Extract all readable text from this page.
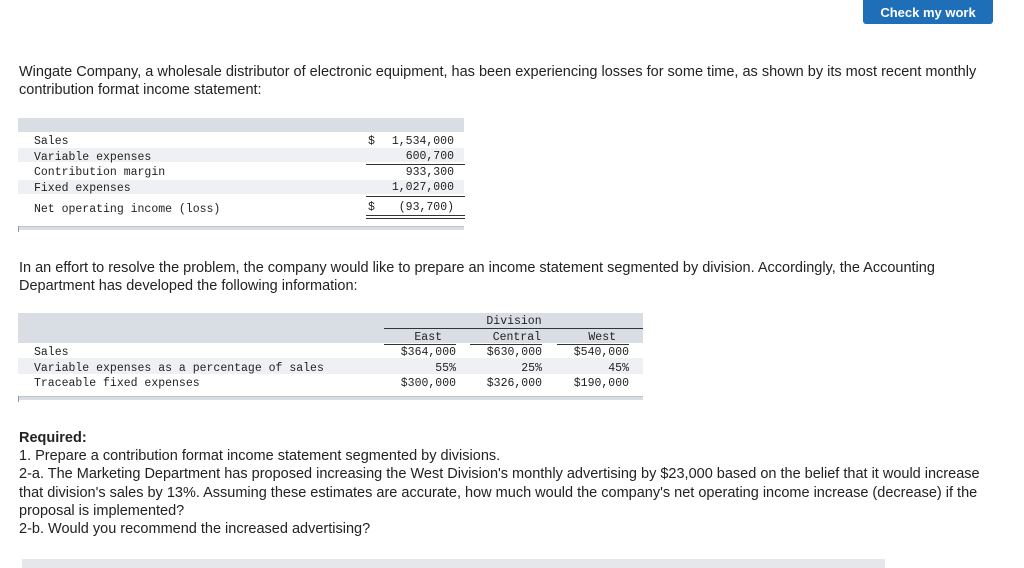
Check my work
Wingate Company, a wholesale distributor of electronic equipment, has been experiencing losses for some time, as shown by its most recent monthly contribution format income statement:
Sales	$	1,534,000
Variable expenses	600,700
Contribution margin	933,300
Fixed expenses	1,027,000
Net operating income (loss)	$	(93,700)
In an effort to resolve the problem, the company would like to prepare an income statement segmented by division. Accordingly, the Accounting Department has developed the following information:
Division
East	Central	West
Sales	$364,000	$630,000	$540,000
Variable expenses as a percentage of sales	55%	25%	45%
Traceable fixed expenses	$300,000	$326,000	$190,000
Required:
1. Prepare a contribution format income statement segmented by divisions.
2-a. The Marketing Department has proposed increasing the West Division's monthly advertising by $23,000 based on the belief that it would increase that division's sales by 13%. Assuming these estimates are accurate, how much would the company's net operating income increase (decrease) if the proposal is implemented?
2-b. Would you recommend the increased advertising?
